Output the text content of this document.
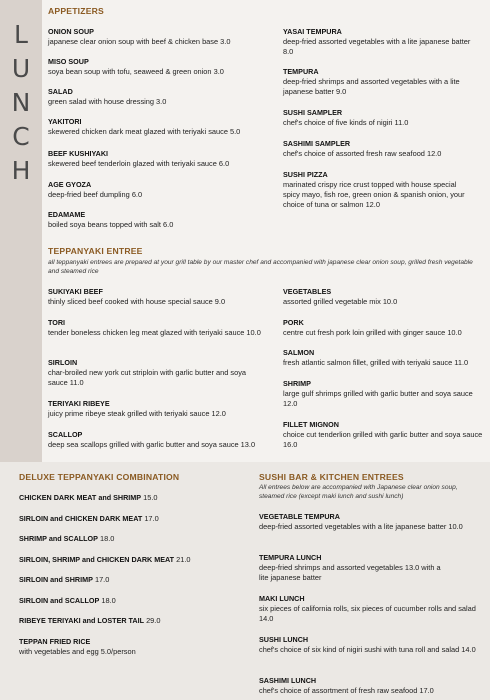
L
U
N
C
H
APPETIZERS
ONION SOUP
japanese clear onion soup with beef & chicken base 3.0
MISO SOUP
soya bean soup with tofu, seaweed & green onion 3.0
SALAD
green salad with house dressing 3.0
YAKITORI
skewered chicken dark meat glazed with teriyaki sauce 5.0
BEEF KUSHIYAKI
skewered beef tenderloin glazed with teriyaki sauce 6.0
AGE GYOZA
deep-fried beef dumpling 6.0
EDAMAME
boiled soya beans topped with salt 6.0
YASAI TEMPURA
deep-fried assorted vegetables with a lite japanese batter 8.0
TEMPURA
deep-fried shrimps and assorted vegetables with a lite japanese batter 9.0
SUSHI SAMPLER
chef's choice of five kinds of nigiri 11.0
SASHIMI SAMPLER
chef's choice of assorted fresh raw seafood 12.0
SUSHI PIZZA
marinated crispy rice crust topped with house special spicy mayo, fish roe, green onion & spanish onion, your choice of tuna or salmon 12.0
TEPPANYAKI ENTREE
all teppanyaki entrees are prepared at your grill table by our master chef and accompanied with japanese clear onion soup, grilled fresh vegetable and steamed rice
SUKIYAKI BEEF
thinly sliced beef cooked with house special sauce 9.0
TORI
tender boneless chicken leg meat glazed with teriyaki sauce 10.0
SIRLOIN
char-broiled new york cut striploin with garlic butter and soya sauce 11.0
TERIYAKI RIBEYE
juicy prime ribeye steak grilled with teriyaki sauce 12.0
SCALLOP
deep sea scallops grilled with garlic butter and soya sauce 13.0
VEGETABLES
assorted grilled vegetable mix 10.0
PORK
centre cut fresh pork loin grilled with ginger sauce 10.0
SALMON
fresh atlantic salmon fillet, grilled with teriyaki sauce 11.0
SHRIMP
large gulf shrimps grilled with garlic butter and soya sauce 12.0
FILLET MIGNON
choice cut tenderlion grilled with garlic butter and soya sauce 16.0
DELUXE TEPPANYAKI COMBINATION
CHICKEN DARK MEAT and SHRIMP 15.0
SIRLOIN and CHICKEN DARK MEAT 17.0
SHRIMP and SCALLOP 18.0
SIRLOIN, SHRIMP and CHICKEN DARK MEAT 21.0
SIRLOIN and SHRIMP 17.0
SIRLOIN and SCALLOP 18.0
RIBEYE TERIYAKI and LOSTER TAIL 29.0
TEPPAN FRIED RICE
with vegetables and egg 5.0/person
SUSHI BAR & KITCHEN ENTREES
All entrees below are accompanied with Japanese clear onion soup, steamed rice (except maki lunch and sushi lunch)
VEGETABLE TEMPURA
deep-fried assorted vegetables with a lite japanese batter 10.0
TEMPURA LUNCH
deep-fried shrimps and assorted vegetables 13.0 with a lite japanese batter
MAKI LUNCH
six pieces of california rolls, six pieces of cucumber rolls and salad 14.0
SUSHI LUNCH
chef's choice of six kind of nigiri sushi with tuna roll and salad 14.0
SASHIMI LUNCH
chef's choice of assortment of fresh raw seafood 17.0
